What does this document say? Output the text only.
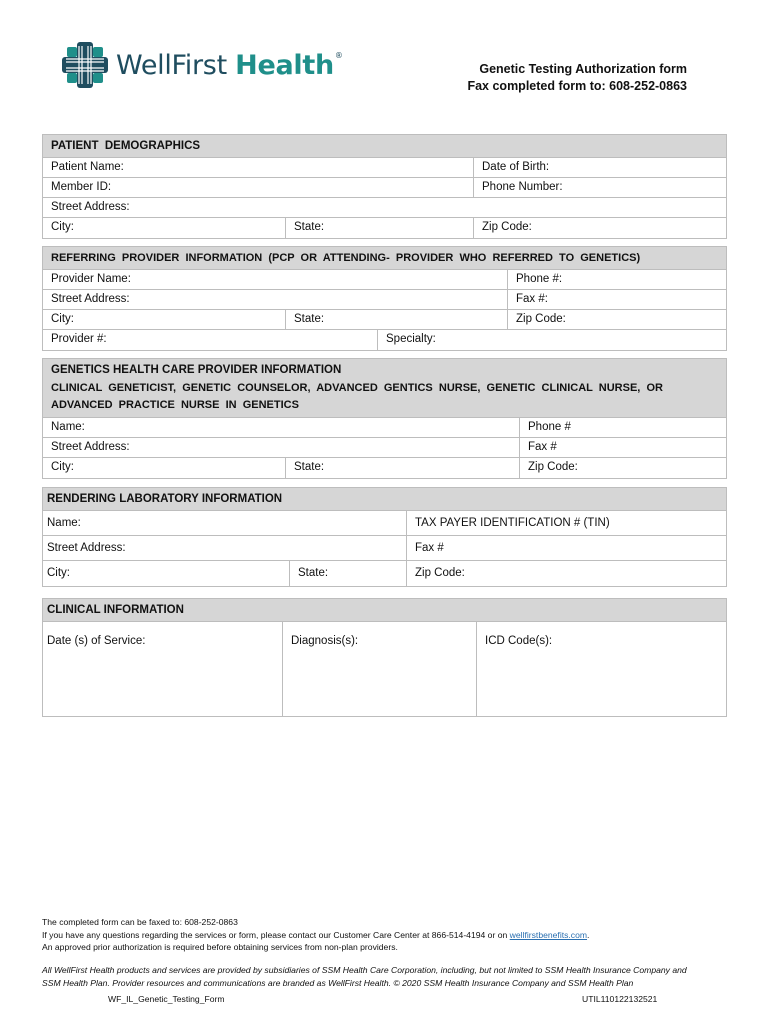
WellFirst Health®
Genetic Testing Authorization form
Fax completed form to: 608-252-0863
PATIENT  DEMOGRAPHICS
Patient Name:	Date of Birth:
Member ID:	Phone Number:
Street Address:
City:	State:	Zip Code:
REFERRING  PROVIDER  INFORMATION  (PCP  OR  ATTENDING-  PROVIDER  WHO  REFERRED  TO  GENETICS)
Provider Name:	Phone #:
Street Address:	Fax #:
City:	State:	Zip Code:
Provider #:	Specialty:
GENETICS HEALTH CARE PROVIDER INFORMATION
CLINICAL  GENETICIST,  GENETIC  COUNSELOR,  ADVANCED  GENTICS  NURSE,  GENETIC  CLINICAL  NURSE,  OR
ADVANCED  PRACTICE  NURSE  IN  GENETICS
Name:	Phone #
Street Address:	Fax #
City:	State:	Zip Code:
RENDERING LABORATORY INFORMATION
Name:	TAX PAYER IDENTIFICATION # (TIN)
Street Address:	Fax #
City:	State:	Zip Code:
CLINICAL INFORMATION
Date (s) of Service:	Diagnosis(s):	ICD Code(s):
The completed form can be faxed to: 608-252-0863
If you have any questions regarding the services or form, please contact our Customer Care Center at 866-514-4194 or on wellfirstbenefits.com.
An approved prior authorization is required before obtaining services from non-plan providers.
All WellFirst Health products and services are provided by subsidiaries of SSM Health Care Corporation, including, but not limited to SSM Health Insurance Company and
SSM Health Plan. Provider resources and communications are branded as WellFirst Health. © 2020 SSM Health Insurance Company and SSM Health Plan
WF_IL_Genetic_Testing_Form	UTIL110122132521
